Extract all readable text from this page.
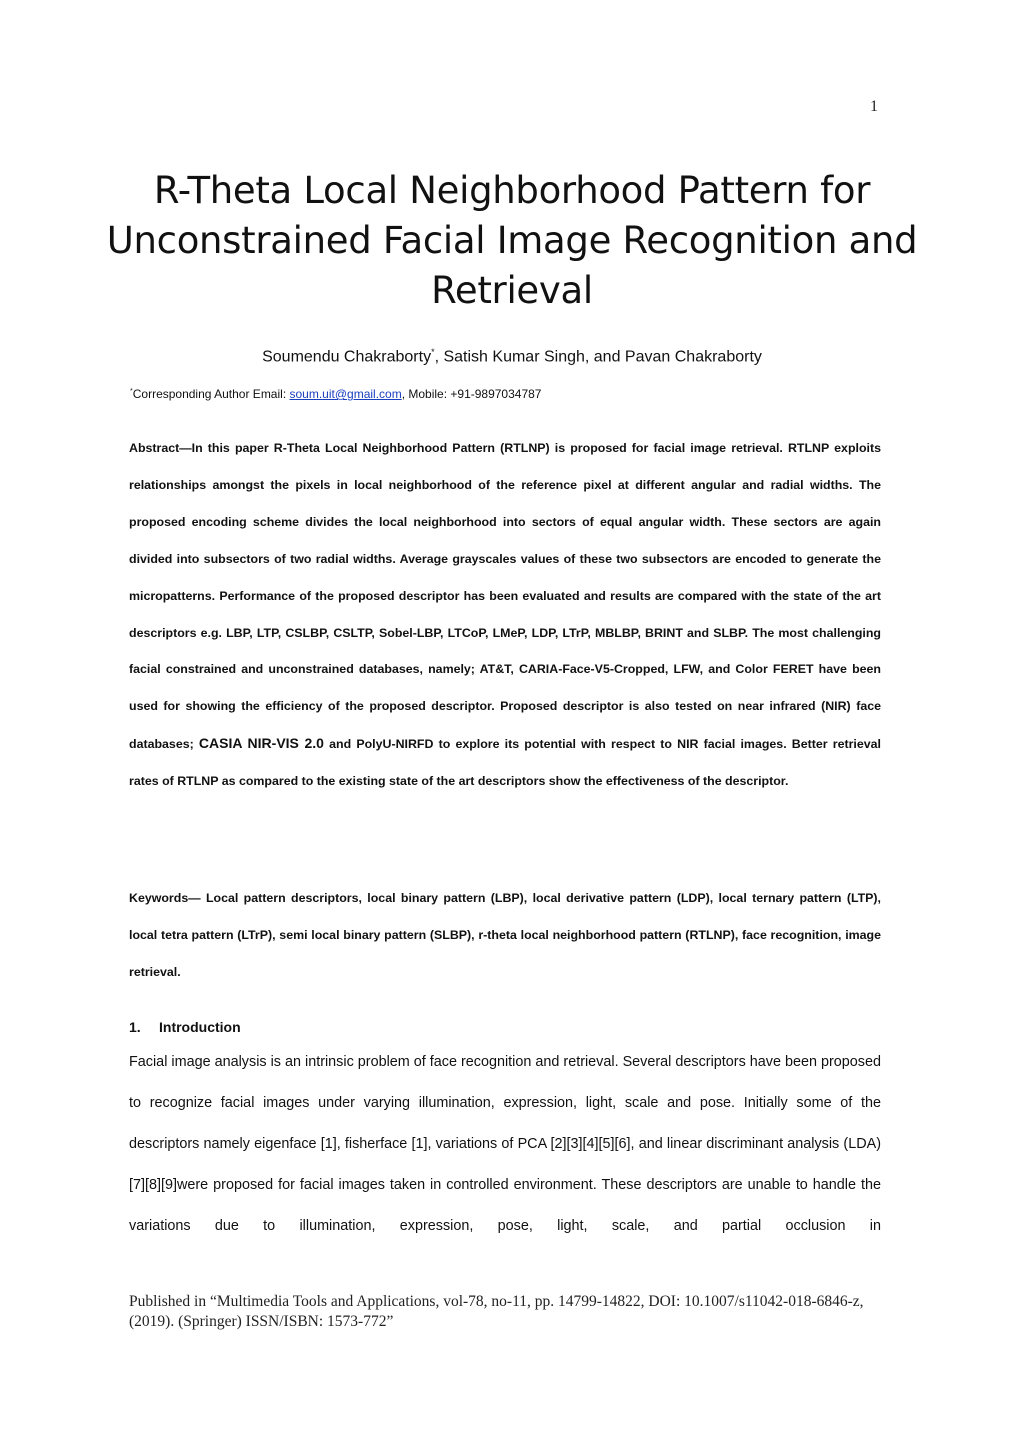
1
R-Theta Local Neighborhood Pattern for
Unconstrained Facial Image Recognition and
Retrieval
Soumendu Chakraborty*, Satish Kumar Singh, and Pavan Chakraborty
*Corresponding Author Email: soum.uit@gmail.com, Mobile: +91-9897034787
Abstract—In this paper R-Theta Local Neighborhood Pattern (RTLNP) is proposed for facial image retrieval. RTLNP exploits relationships amongst the pixels in local neighborhood of the reference pixel at different angular and radial widths. The proposed encoding scheme divides the local neighborhood into sectors of equal angular width. These sectors are again divided into subsectors of two radial widths. Average grayscales values of these two subsectors are encoded to generate the micropatterns. Performance of the proposed descriptor has been evaluated and results are compared with the state of the art descriptors e.g. LBP, LTP, CSLBP, CSLTP, Sobel-LBP, LTCoP, LMeP, LDP, LTrP, MBLBP, BRINT and SLBP. The most challenging facial constrained and unconstrained databases, namely; AT&T, CARIA-Face-V5-Cropped, LFW, and Color FERET have been used for showing the efficiency of the proposed descriptor. Proposed descriptor is also tested on near infrared (NIR) face databases; CASIA NIR-VIS 2.0 and PolyU-NIRFD to explore its potential with respect to NIR facial images. Better retrieval rates of RTLNP as compared to the existing state of the art descriptors show the effectiveness of the descriptor.
Keywords— Local pattern descriptors, local binary pattern (LBP), local derivative pattern (LDP), local ternary pattern (LTP), local tetra pattern (LTrP), semi local binary pattern (SLBP), r-theta local neighborhood pattern (RTLNP), face recognition, image retrieval.
1. Introduction
Facial image analysis is an intrinsic problem of face recognition and retrieval. Several descriptors have been proposed to recognize facial images under varying illumination, expression, light, scale and pose. Initially some of the descriptors namely eigenface [1], fisherface [1], variations of PCA [2][3][4][5][6], and linear discriminant analysis (LDA) [7][8][9]were proposed for facial images taken in controlled environment. These descriptors are unable to handle the variations due to illumination, expression, pose, light, scale, and partial occlusion in
Published in “Multimedia Tools and Applications, vol-78, no-11, pp. 14799-14822, DOI: 10.1007/s11042-018-6846-z, (2019). (Springer) ISSN/ISBN: 1573-772”
